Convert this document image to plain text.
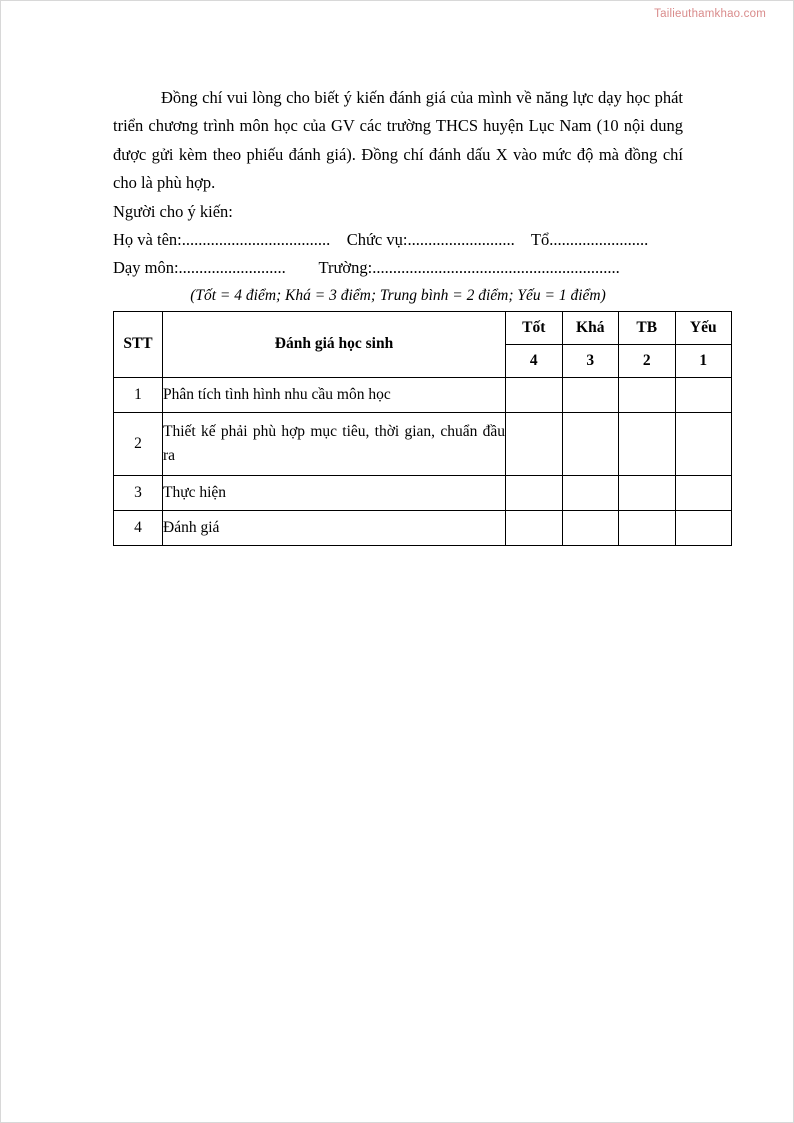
Tailieuthamkhao.com

Đồng chí vui lòng cho biết ý kiến đánh giá của mình về năng lực dạy học phát triển chương trình môn học của GV các trường THCS huyện Lục Nam (10 nội dung được gửi kèm theo phiếu đánh giá). Đồng chí đánh dấu X vào mức độ mà đồng chí cho là phù hợp.

Người cho ý kiến:

Họ và tên:....................................    Chức vụ:..........................    Tổ........................

Dạy môn:..........................        Trường:............................................................

(Tốt = 4 điểm; Khá = 3 điểm; Trung bình = 2 điểm; Yếu = 1 điểm)

STT	Đánh giá học sinh	Tốt	Khá	TB	Yếu
		4	3	2	1
1	Phân tích tình hình nhu cầu môn học				
2	Thiết kế phải phù hợp mục tiêu, thời gian, chuẩn đầu ra				
3	Thực hiện				
4	Đánh giá				
